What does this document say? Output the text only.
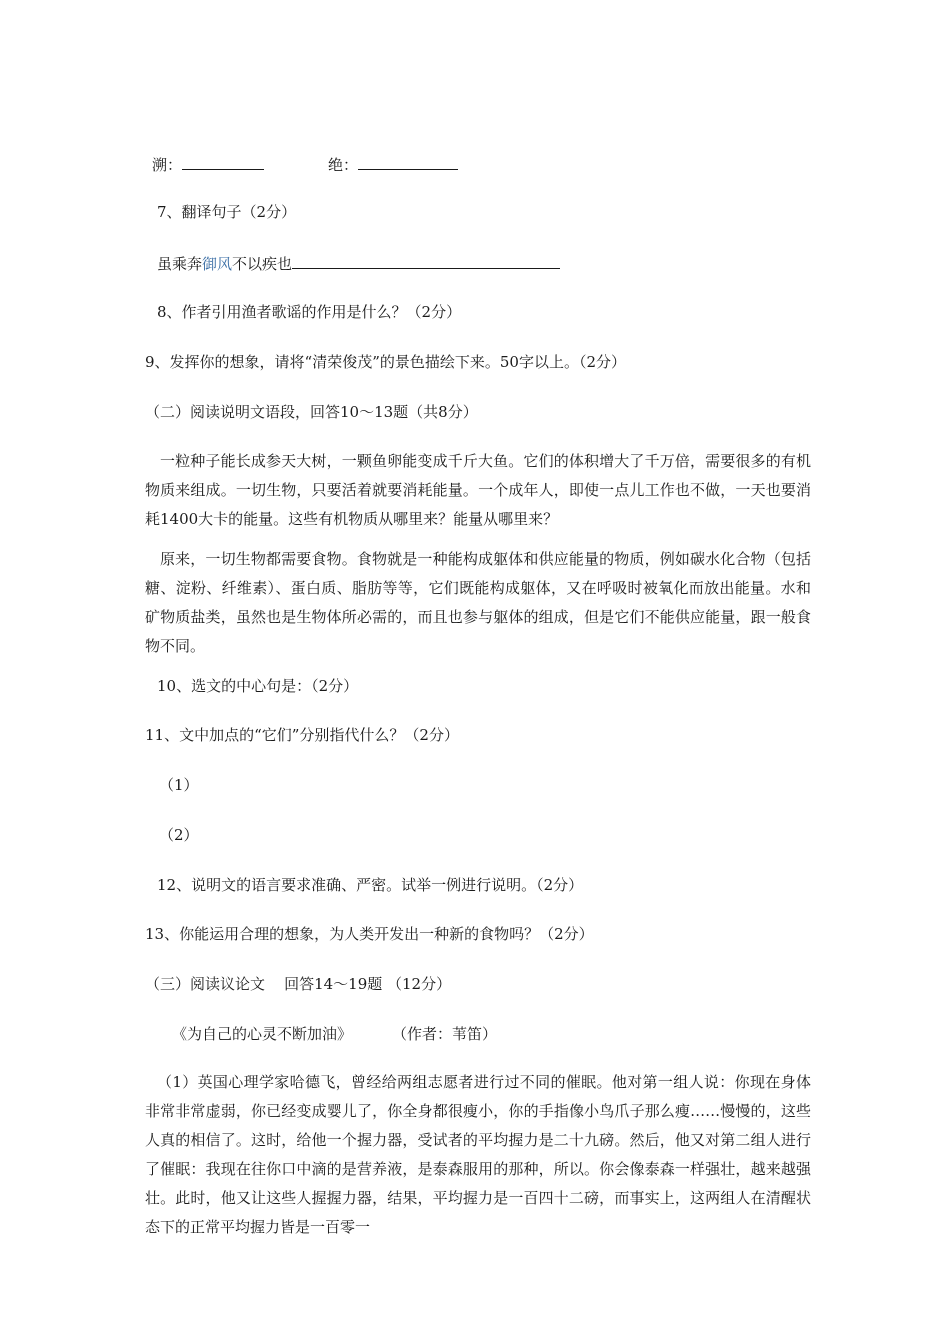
溯：	绝：
7、翻译句子（2分）
虽乘奔御风不以疾也
8、作者引用渔者歌谣的作用是什么？（2分）
9、发挥你的想象，请将“清荣俊茂”的景色描绘下来。50字以上。（2分）
（二）阅读说明文语段，回答10～13题（共8分）
一粒种子能长成参天大树，一颗鱼卵能变成千斤大鱼。它们的体积增大了千万倍，需要很多的有机物质来组成。一切生物，只要活着就要消耗能量。一个成年人，即使一点儿工作也不做，一天也要消耗1400大卡的能量。这些有机物质从哪里来？能量从哪里来？
原来，一切生物都需要食物。食物就是一种能构成躯体和供应能量的物质，例如碳水化合物（包括糖、淀粉、纤维素）、蛋白质、脂肪等等，它们既能构成躯体，又在呼吸时被氧化而放出能量。水和矿物质盐类，虽然也是生物体所必需的，而且也参与躯体的组成，但是它们不能供应能量，跟一般食物不同。
10、选文的中心句是：（2分）
11、文中加点的“它们”分别指代什么？（2分）
（1）
（2）
12、说明文的语言要求准确、严密。试举一例进行说明。（2分）
13、你能运用合理的想象，为人类开发出一种新的食物吗？（2分）
（三）阅读议论文    回答14～19题 （12分）
《为自己的心灵不断加油》	（作者：苇笛）
（1）英国心理学家哈德飞，曾经给两组志愿者进行过不同的催眠。他对第一组人说：你现在身体非常非常虚弱，你已经变成婴儿了，你全身都很瘦小，你的手指像小鸟爪子那么瘦……慢慢的，这些人真的相信了。这时，给他一个握力器，受试者的平均握力是二十九磅。然后，他又对第二组人进行了催眠：我现在往你口中滴的是营养液，是泰森服用的那种，所以。你会像泰森一样强壮，越来越强壮。此时，他又让这些人握握力器，结果，平均握力是一百四十二磅，而事实上，这两组人在清醒状态下的正常平均握力皆是一百零一
